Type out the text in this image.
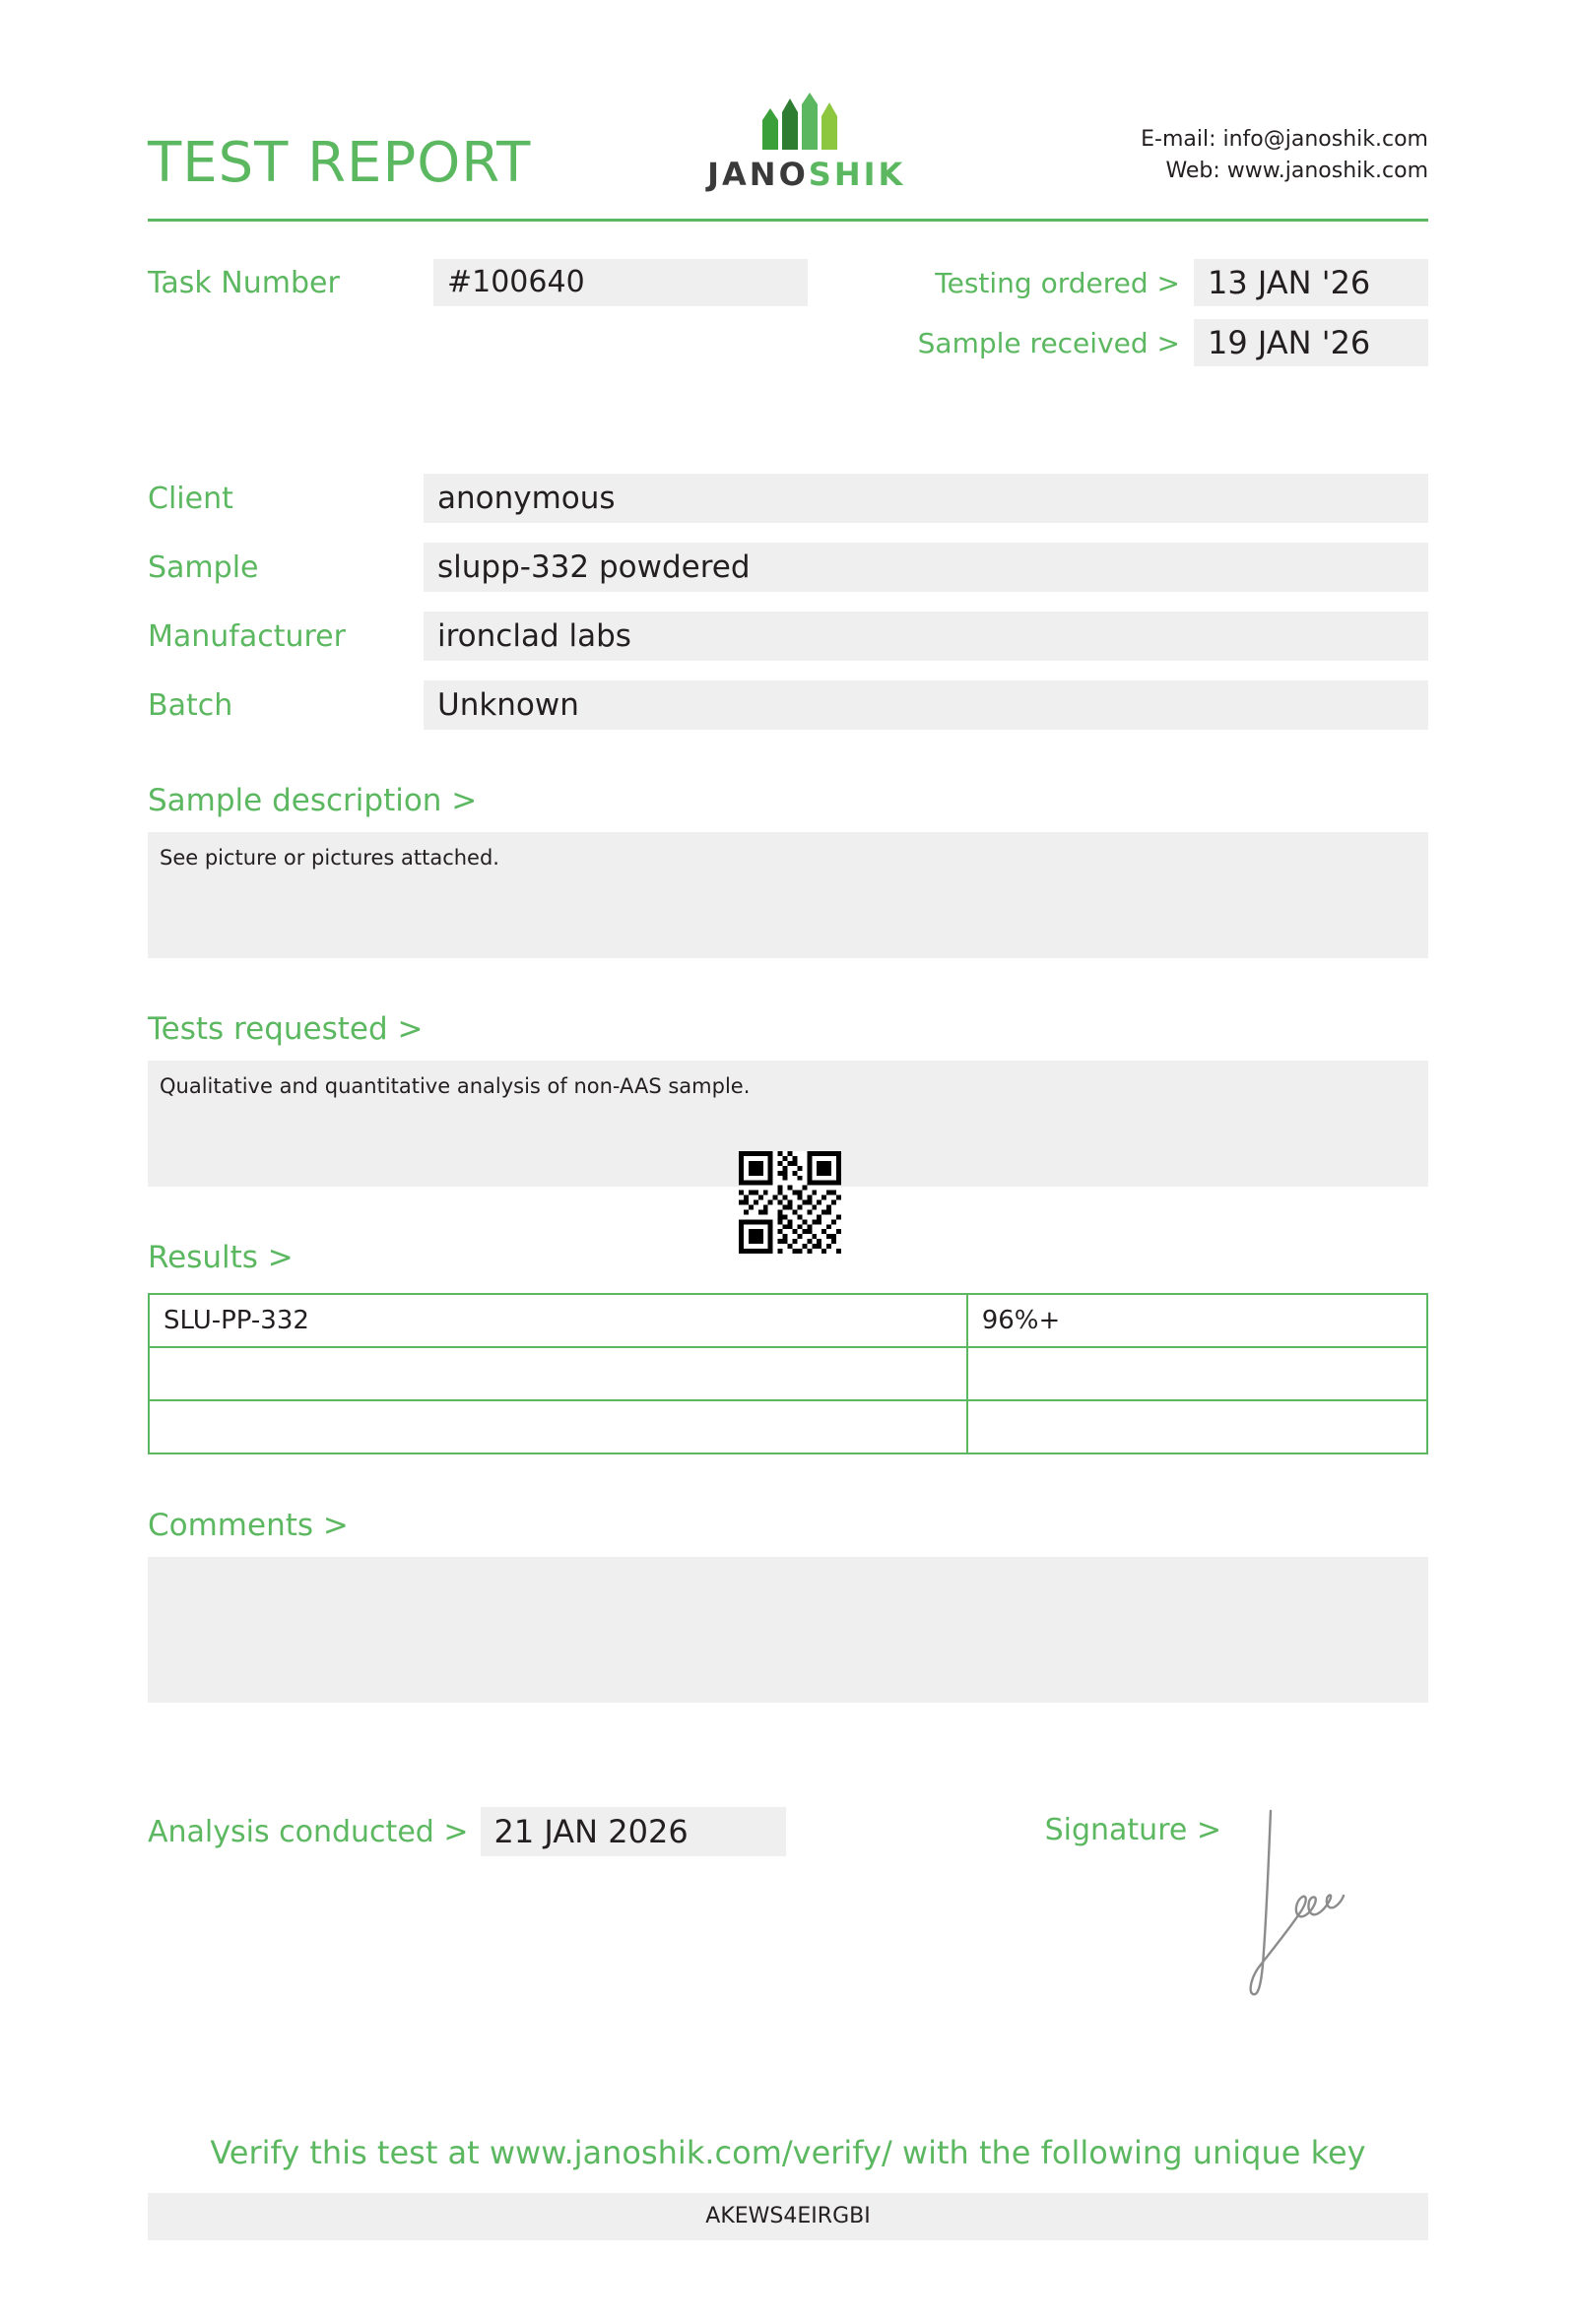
TEST REPORT	JANOSHIK
E-mail: info@janoshik.com
Web: www.janoshik.com
Task Number	#100640	Testing ordered > 13 JAN '26
Sample received > 19 JAN '26
Client	anonymous
Sample	slupp-332 powdered
Manufacturer	ironclad labs
Batch	Unknown
Sample description >
See picture or pictures attached.
Tests requested >
Qualitative and quantitative analysis of non-AAS sample.
Results >
SLU-PP-332	96%+

Comments >
Analysis conducted > 21 JAN 2026	Signature >
Verify this test at www.janoshik.com/verify/ with the following unique key
AKEWS4EIRGBI
